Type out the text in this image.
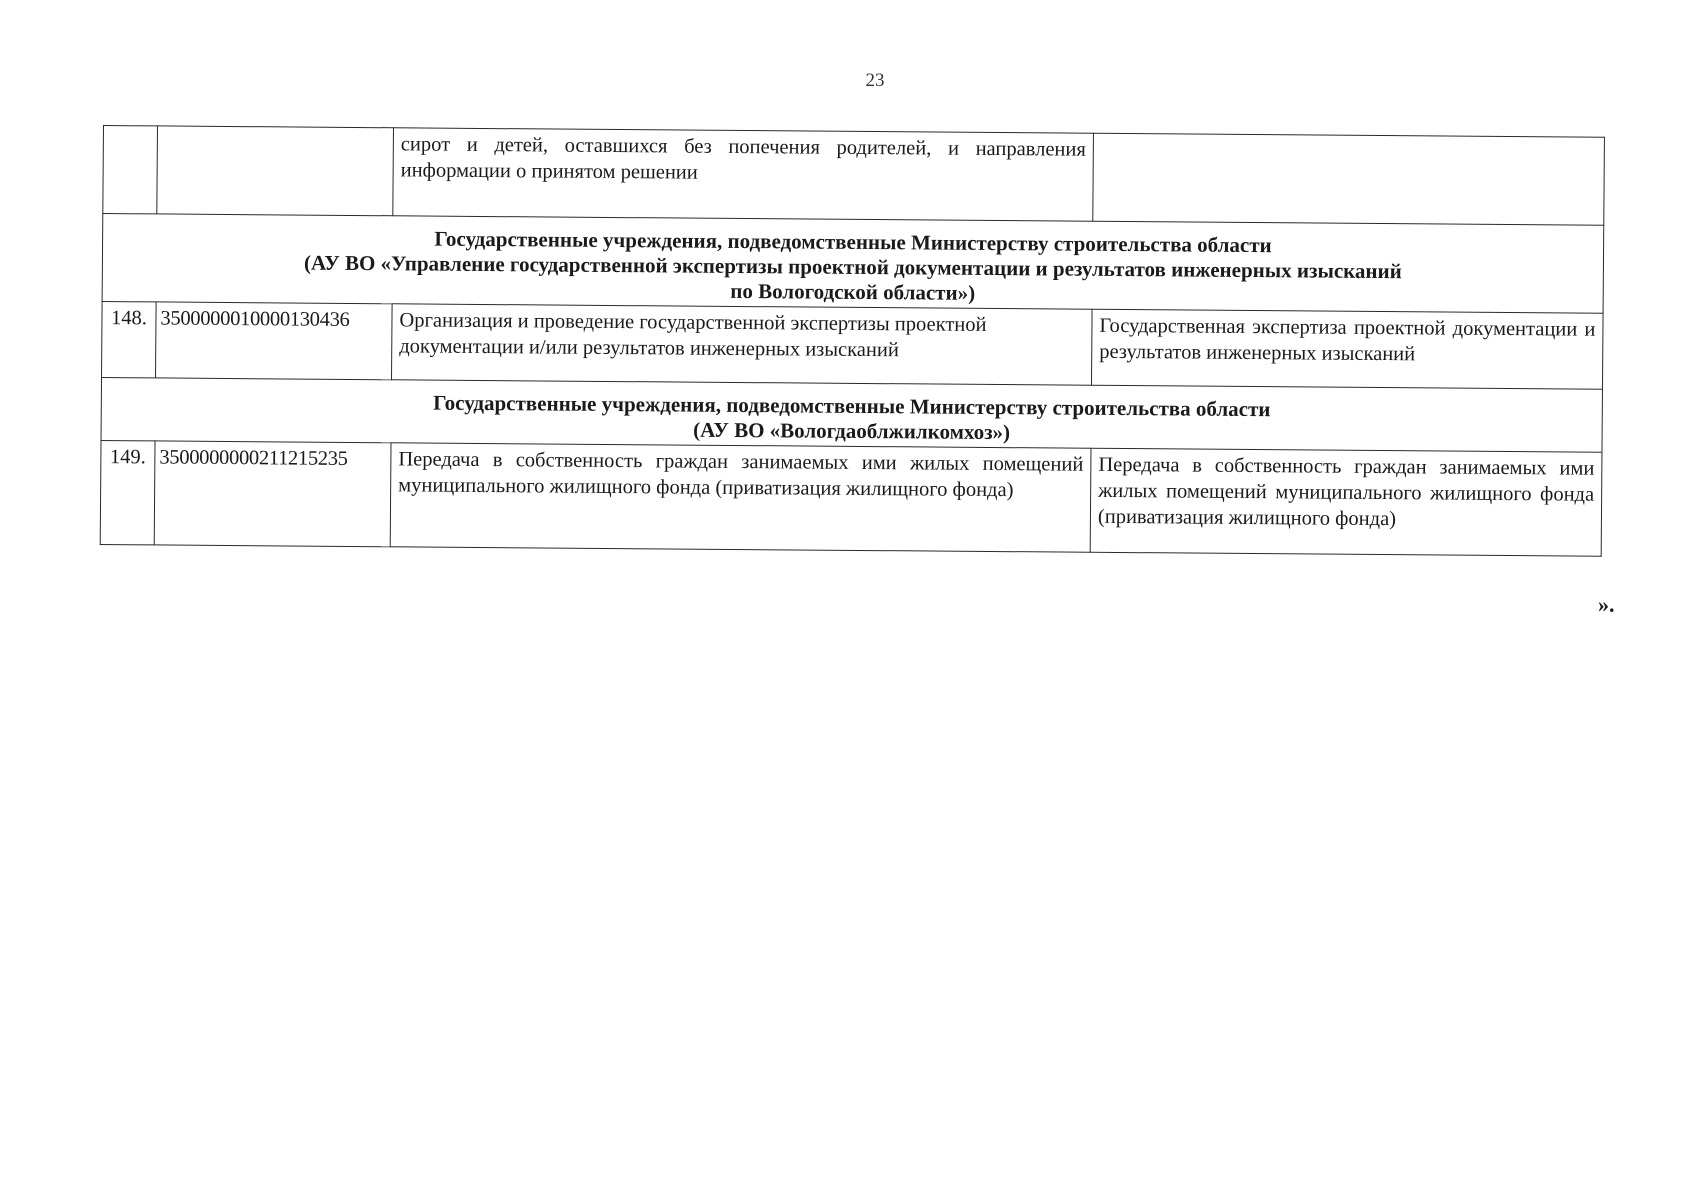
23
		сирот и детей, оставшихся без попечения родителей, и направления информации о принятом решении	

Государственные учреждения, подведомственные Министерству строительства области
(АУ ВО «Управление государственной экспертизы проектной документации и результатов инженерных изысканий
по Вологодской области»)			

148.	3500000010000130436	Организация и проведение государственной экспертизы проектной документации и/или результатов инженерных изысканий	Государственная экспертиза проектной документации и результатов инженерных изысканий

Государственные учреждения, подведомственные Министерству строительства области
(АУ ВО «Вологдаоблжилкомхоз»)			

149.	3500000000211215235	Передача в собственность граждан занимаемых ими жилых помещений муниципального жилищного фонда (приватизация жилищного фонда)	Передача в собственность граждан занимаемых ими жилых помещений муниципального жилищного фонда (приватизация жилищного фонда)
».
